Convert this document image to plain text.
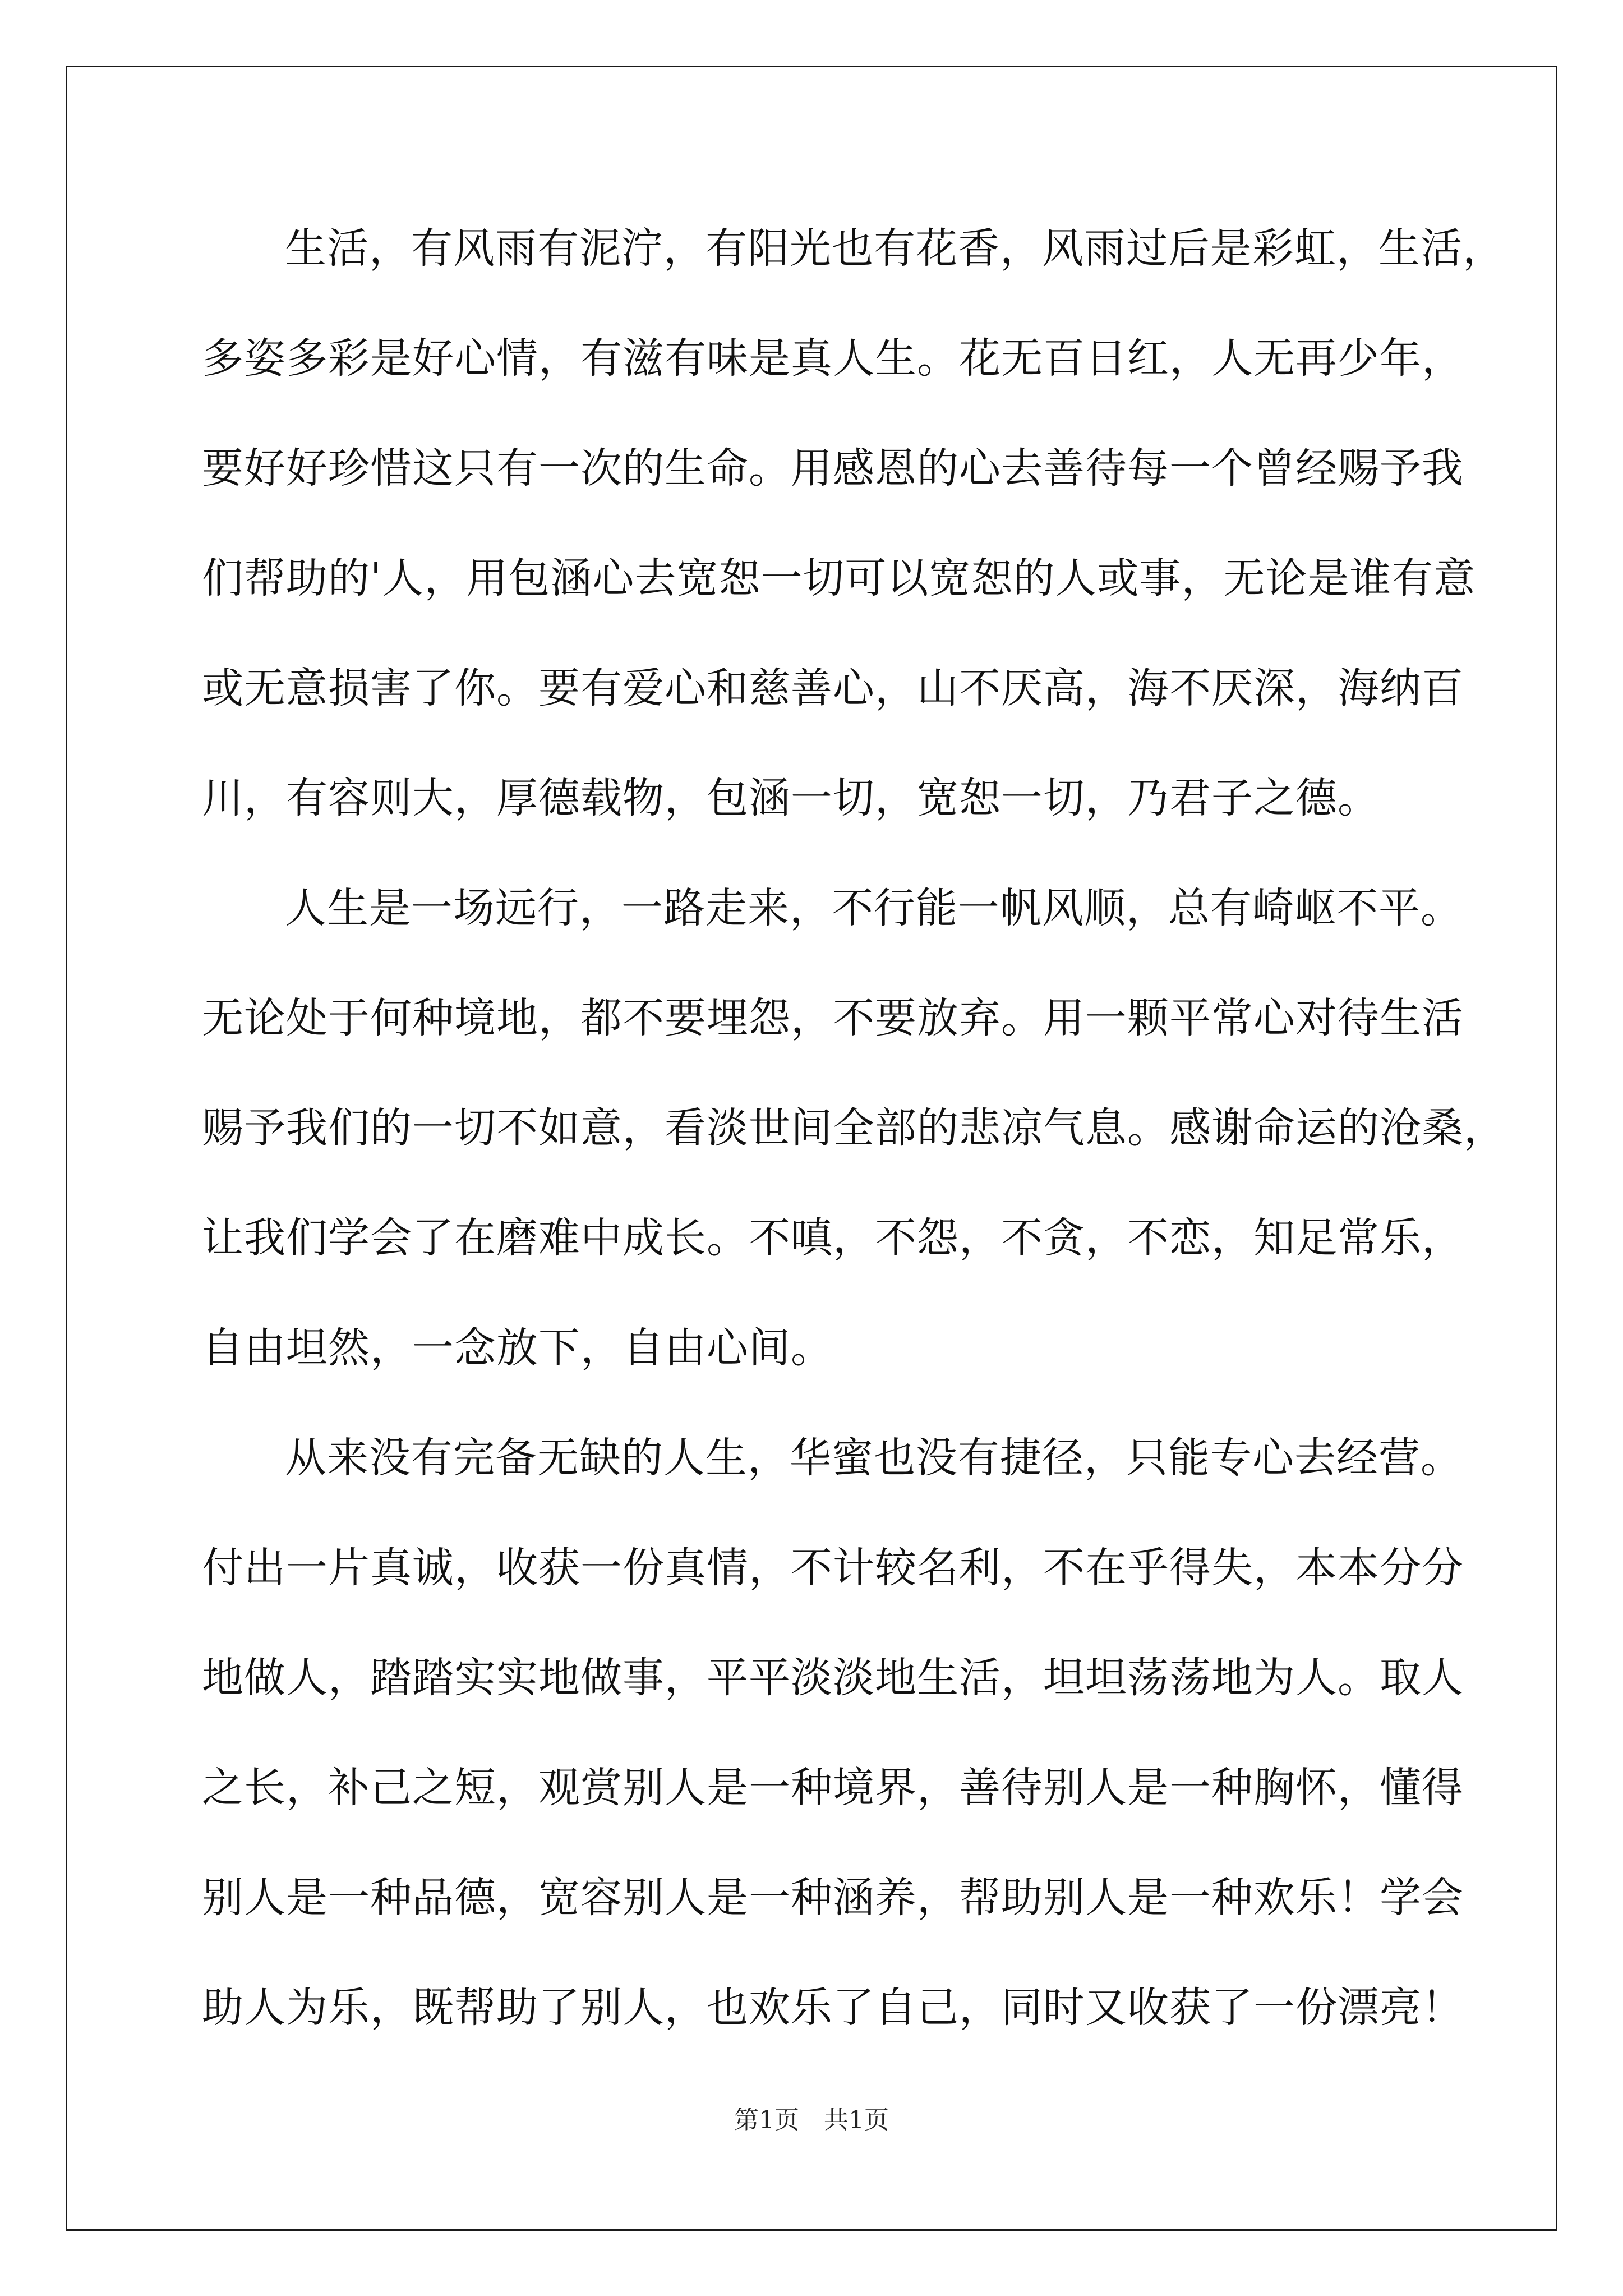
生活，有风雨有泥泞，有阳光也有花香，风雨过后是彩虹，生活，
多姿多彩是好心情，有滋有味是真人生。花无百日红，人无再少年，
要好好珍惜这只有一次的生命。用感恩的心去善待每一个曾经赐予我
们帮助的'人，用包涵心去宽恕一切可以宽恕的人或事，无论是谁有意
或无意损害了你。要有爱心和慈善心，山不厌高，海不厌深，海纳百
川，有容则大，厚德载物，包涵一切，宽恕一切，乃君子之德。
人生是一场远行，一路走来，不行能一帆风顺，总有崎岖不平。
无论处于何种境地，都不要埋怨，不要放弃。用一颗平常心对待生活
赐予我们的一切不如意，看淡世间全部的悲凉气息。感谢命运的沧桑，
让我们学会了在磨难中成长。不嗔，不怨，不贪，不恋，知足常乐，
自由坦然，一念放下，自由心间。
从来没有完备无缺的人生，华蜜也没有捷径，只能专心去经营。
付出一片真诚，收获一份真情，不计较名利，不在乎得失，本本分分
地做人，踏踏实实地做事，平平淡淡地生活，坦坦荡荡地为人。取人
之长，补己之短，观赏别人是一种境界，善待别人是一种胸怀，懂得
别人是一种品德，宽容别人是一种涵养，帮助别人是一种欢乐！学会
助人为乐，既帮助了别人，也欢乐了自己，同时又收获了一份漂亮！
第1页 共1页
